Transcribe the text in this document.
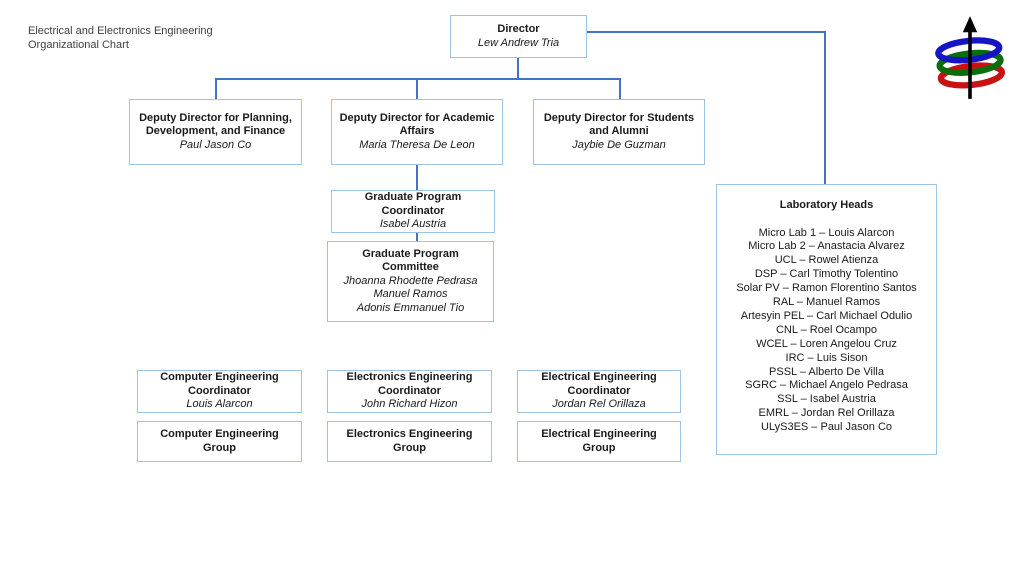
Electrical and Electronics Engineering
Organizational Chart
Director
Lew Andrew Tria
Deputy Director for Planning, Development, and Finance
Paul Jason Co
Deputy Director for Academic Affairs
Maria Theresa De Leon
Deputy Director for Students and Alumni
Jaybie De Guzman
Graduate Program Coordinator
Isabel Austria
Graduate Program Committee
Jhoanna Rhodette Pedrasa
Manuel Ramos
Adonis Emmanuel Tio
Computer Engineering Coordinator
Louis Alarcon
Electronics Engineering Coordinator
John Richard Hizon
Electrical Engineering Coordinator
Jordan Rel Orillaza
Computer Engineering Group
Electronics Engineering Group
Electrical Engineering Group
Laboratory Heads
Micro Lab 1 – Louis Alarcon
Micro Lab 2 – Anastacia Alvarez
UCL – Rowel Atienza
DSP – Carl Timothy Tolentino
Solar PV – Ramon Florentino Santos
RAL – Manuel Ramos
Artesyin PEL – Carl Michael Odulio
CNL – Roel Ocampo
WCEL – Loren Angelou Cruz
IRC – Luis Sison
PSSL – Alberto De Villa
SGRC – Michael Angelo Pedrasa
SSL – Isabel Austria
EMRL – Jordan Rel Orillaza
ULyS3ES – Paul Jason Co
